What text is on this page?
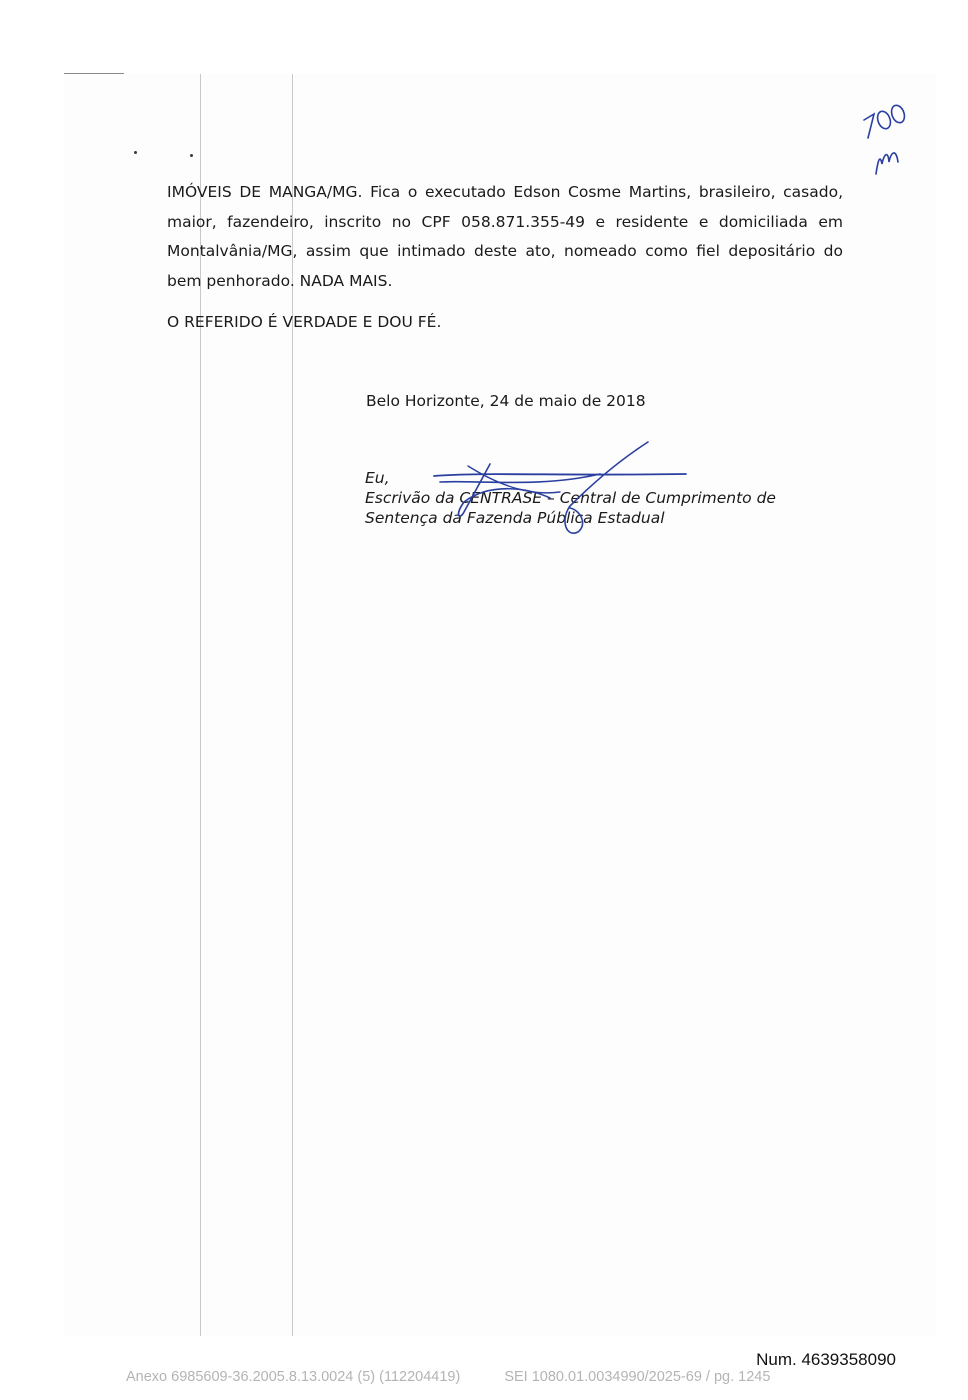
IMÓVEIS DE MANGA/MG. Fica o executado Edson Cosme Martins, brasileiro, casado, maior, fazendeiro, inscrito no CPF 058.871.355-49 e residente e domiciliada em Montalvânia/MG, assim que intimado deste ato, nomeado como fiel depositário do bem penhorado. NADA MAIS.

O REFERIDO É VERDADE E DOU FÉ.

Belo Horizonte, 24 de maio de 2018

Eu,
Escrivão da CENTRASE – Central de Cumprimento de
Sentença da Fazenda Pública Estadual
Num. 4639358090
Anexo 6985609-36.2005.8.13.0024 (5) (112204419)	SEI 1080.01.0034990/2025-69 / pg. 1245
